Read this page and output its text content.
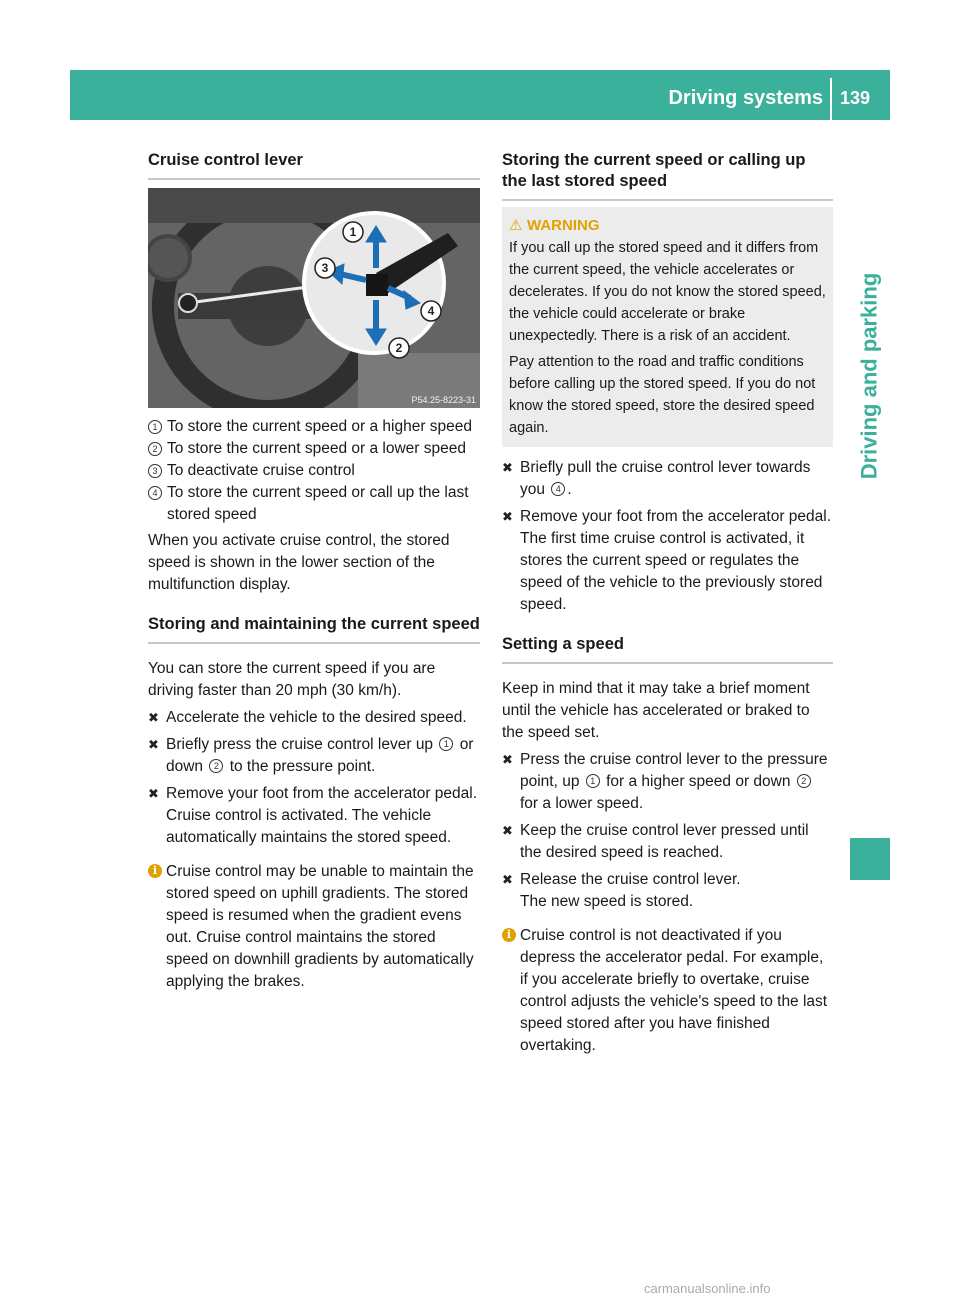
Driving systems 139
Driving and parking
Cruise control lever
1
2
3
4
P54.25-8223-31
1 To store the current speed or a higher speed
2 To store the current speed or a lower speed
3 To deactivate cruise control
4 To store the current speed or call up the last stored speed

When you activate cruise control, the stored speed is shown in the lower section of the multifunction display.

Storing and maintaining the current speed

You can store the current speed if you are driving faster than 20 mph (30 km/h).

✖ Accelerate the vehicle to the desired speed.
✖ Briefly press the cruise control lever up 1 or down 2 to the pressure point.
✖ Remove your foot from the accelerator pedal.
Cruise control is activated. The vehicle automatically maintains the stored speed.
i Cruise control may be unable to maintain the stored speed on uphill gradients. The stored speed is resumed when the gradient evens out. Cruise control maintains the stored speed on downhill gradients by automatically applying the brakes.
Storing the current speed or calling up the last stored speed
⚠ WARNING

If you call up the stored speed and it differs from the current speed, the vehicle accelerates or decelerates. If you do not know the stored speed, the vehicle could accelerate or brake unexpectedly. There is a risk of an accident.

Pay attention to the road and traffic conditions before calling up the stored speed. If you do not know the stored speed, store the desired speed again.

✖ Briefly pull the cruise control lever towards you 4 .
✖ Remove your foot from the accelerator pedal.
The first time cruise control is activated, it stores the current speed or regulates the speed of the vehicle to the previously stored speed.
Setting a speed

Keep in mind that it may take a brief moment until the vehicle has accelerated or braked to the speed set.

✖ Press the cruise control lever to the pressure point, up 1 for a higher speed or down 2 for a lower speed.
✖ Keep the cruise control lever pressed until the desired speed is reached.
✖ Release the cruise control lever.
The new speed is stored.
i Cruise control is not deactivated if you depress the accelerator pedal. For example, if you accelerate briefly to overtake, cruise control adjusts the vehicle's speed to the last speed stored after you have finished overtaking.
carmanualsonline.info
